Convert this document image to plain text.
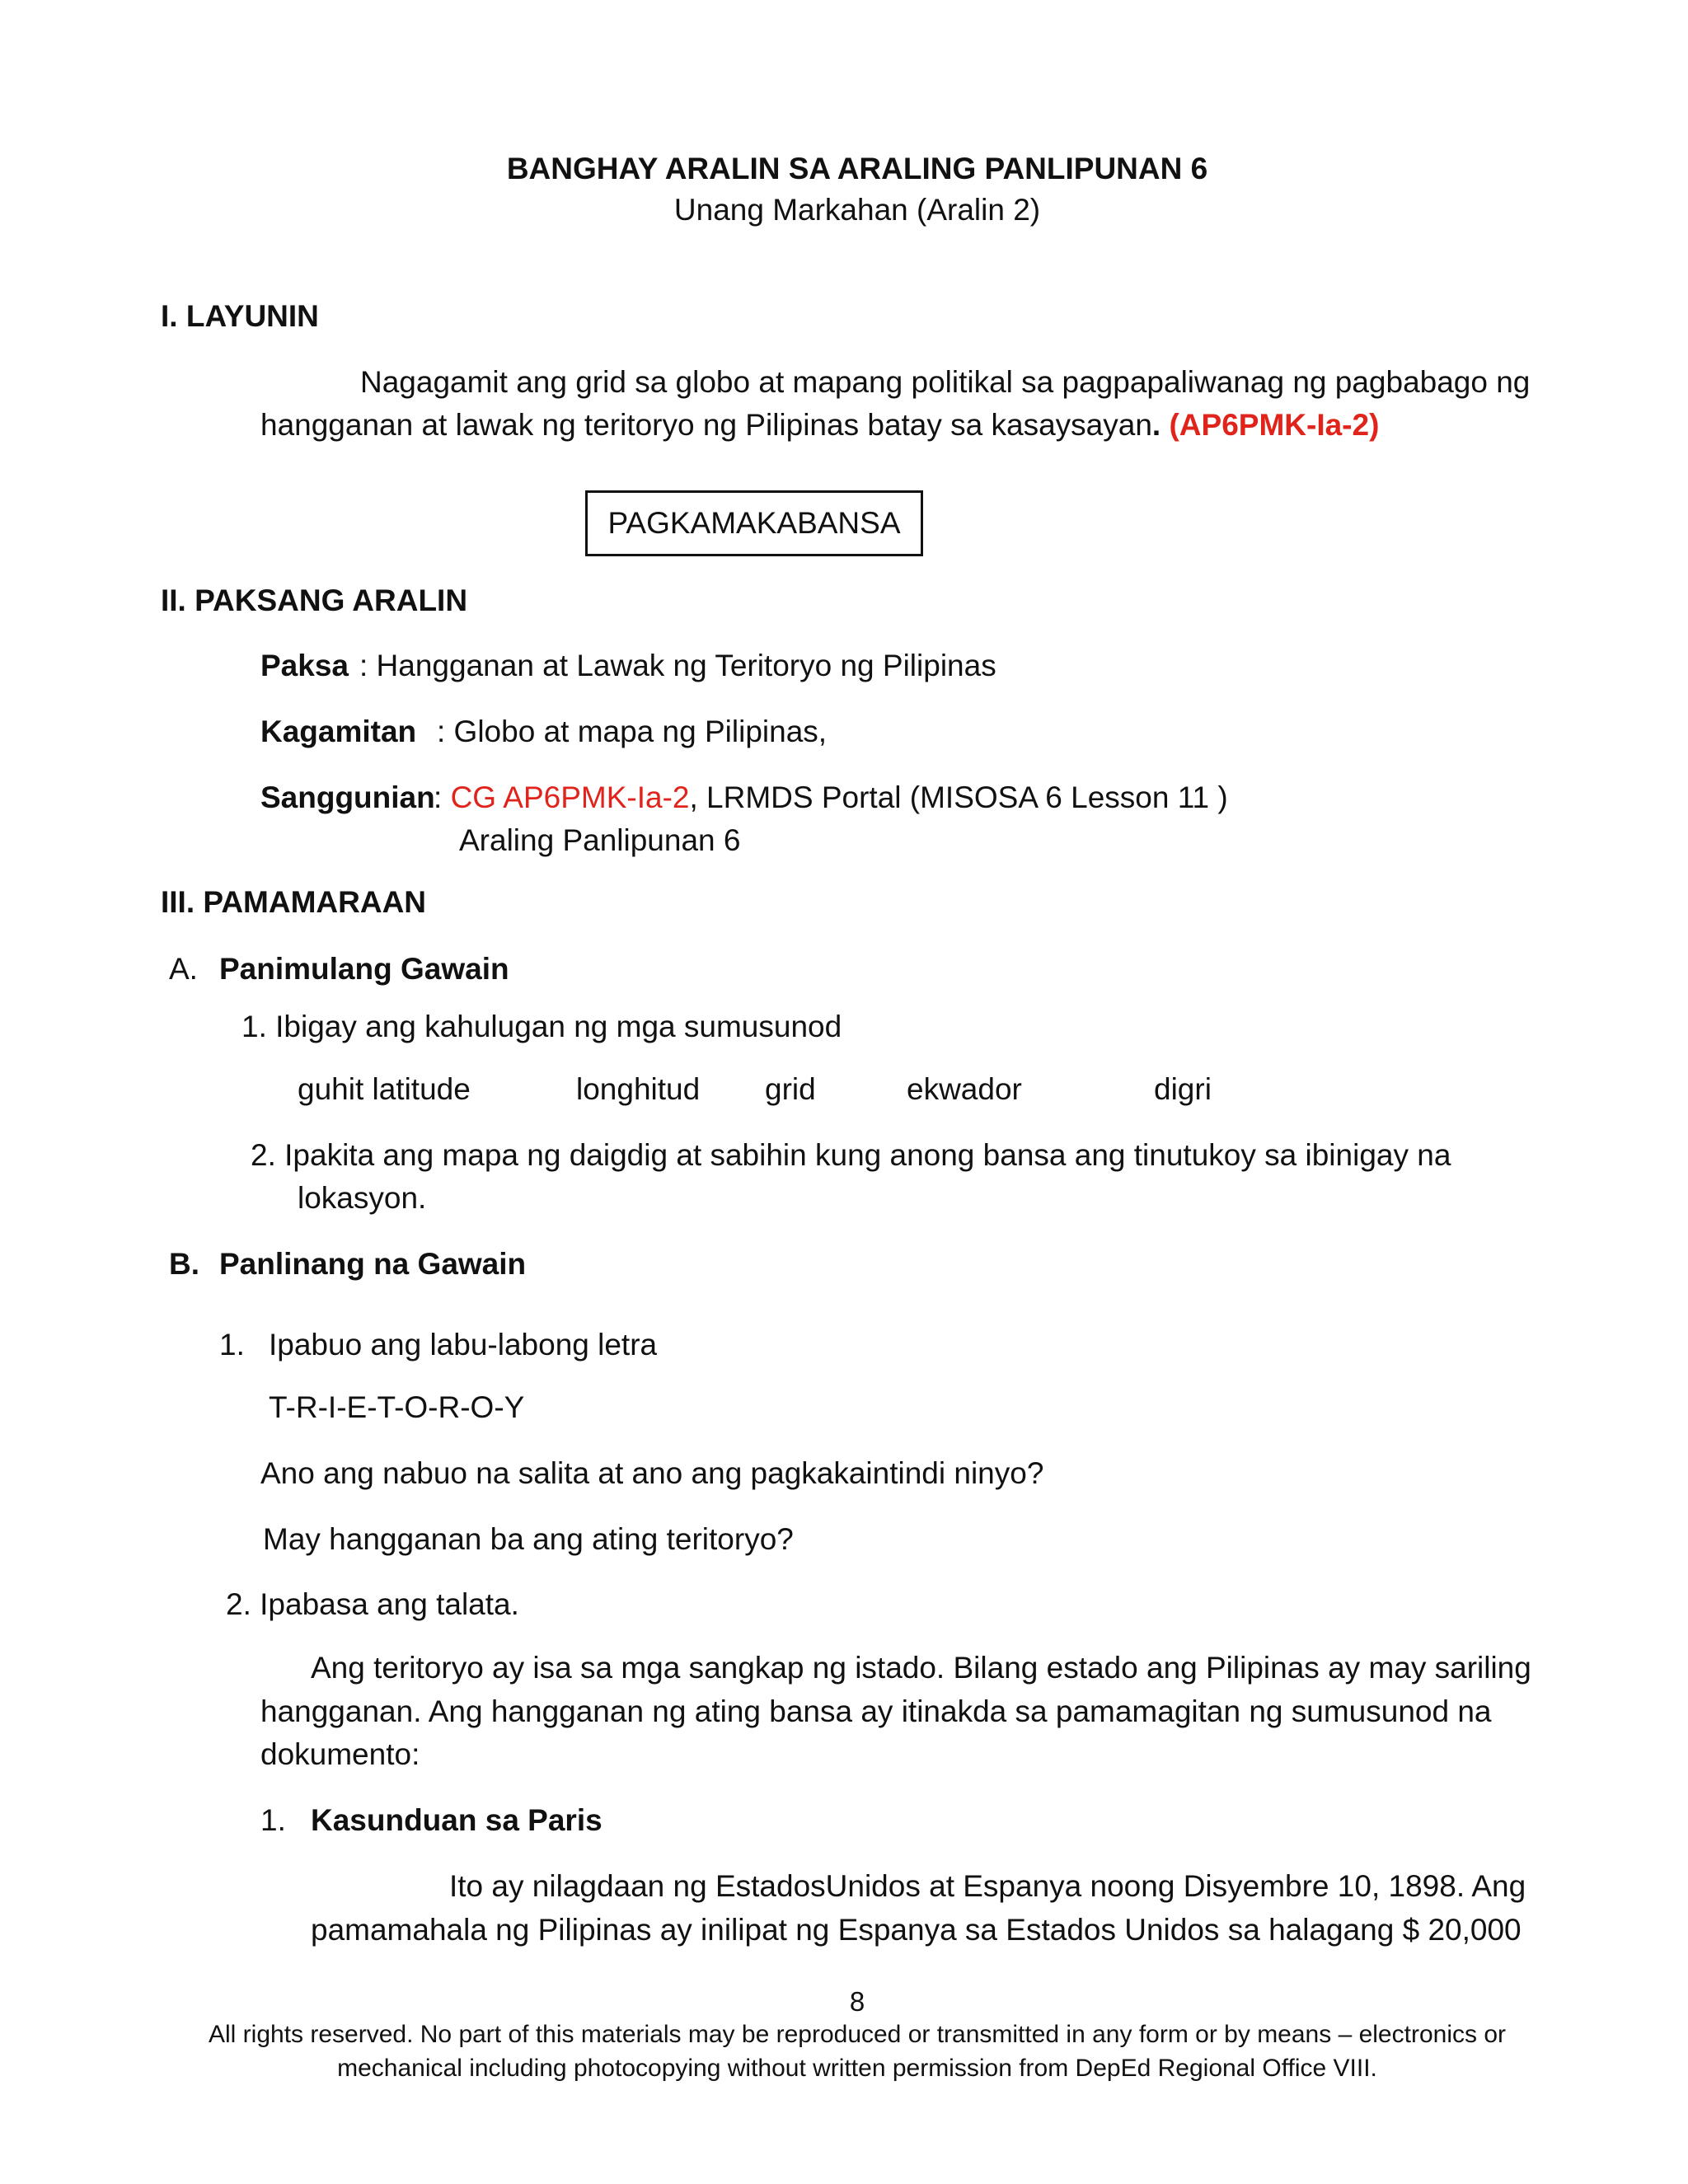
BANGHAY ARALIN SA ARALING PANLIPUNAN 6
Unang Markahan (Aralin 2)
I. LAYUNIN
Nagagamit ang grid sa globo at mapang politikal sa pagpapaliwanag ng pagbabago ng
hangganan at lawak ng teritoryo ng Pilipinas batay sa kasaysayan. (AP6PMK-Ia-2)
PAGKAMAKABANSA
II. PAKSANG ARALIN
Paksa : Hangganan at Lawak ng Teritoryo ng Pilipinas
Kagamitan : Globo at mapa ng Pilipinas,
Sanggunian
: CG AP6PMK-Ia-2, LRMDS Portal (MISOSA 6 Lesson 11 )
Araling Panlipunan 6
III. PAMAMARAAN
A. Panimulang Gawain
1. Ibigay ang kahulugan ng mga sumusunod
guhit latitude	longhitud grid	ekwador	digri
2. Ipakita ang mapa ng daigdig at sabihin kung anong bansa ang tinutukoy sa ibinigay na
lokasyon.
B. Panlinang na Gawain
1. Ipabuo ang labu-labong letra
T-R-I-E-T-O-R-O-Y
Ano ang nabuo na salita at ano ang pagkakaintindi ninyo?
May hangganan ba ang ating teritoryo?
2. Ipabasa ang talata.
Ang teritoryo ay isa sa mga sangkap ng istado. Bilang estado ang Pilipinas ay may sariling
hangganan. Ang hangganan ng ating bansa ay itinakda sa pamamagitan ng sumusunod na
dokumento:
1. Kasunduan sa Paris
Ito ay nilagdaan ng EstadosUnidos at Espanya noong Disyembre 10, 1898. Ang
pamamahala ng Pilipinas ay inilipat ng Espanya sa Estados Unidos sa halagang $ 20,000
8
All rights reserved. No part of this materials may be reproduced or transmitted in any form or by means – electronics or
mechanical including photocopying without written permission from DepEd Regional Office VIII.
